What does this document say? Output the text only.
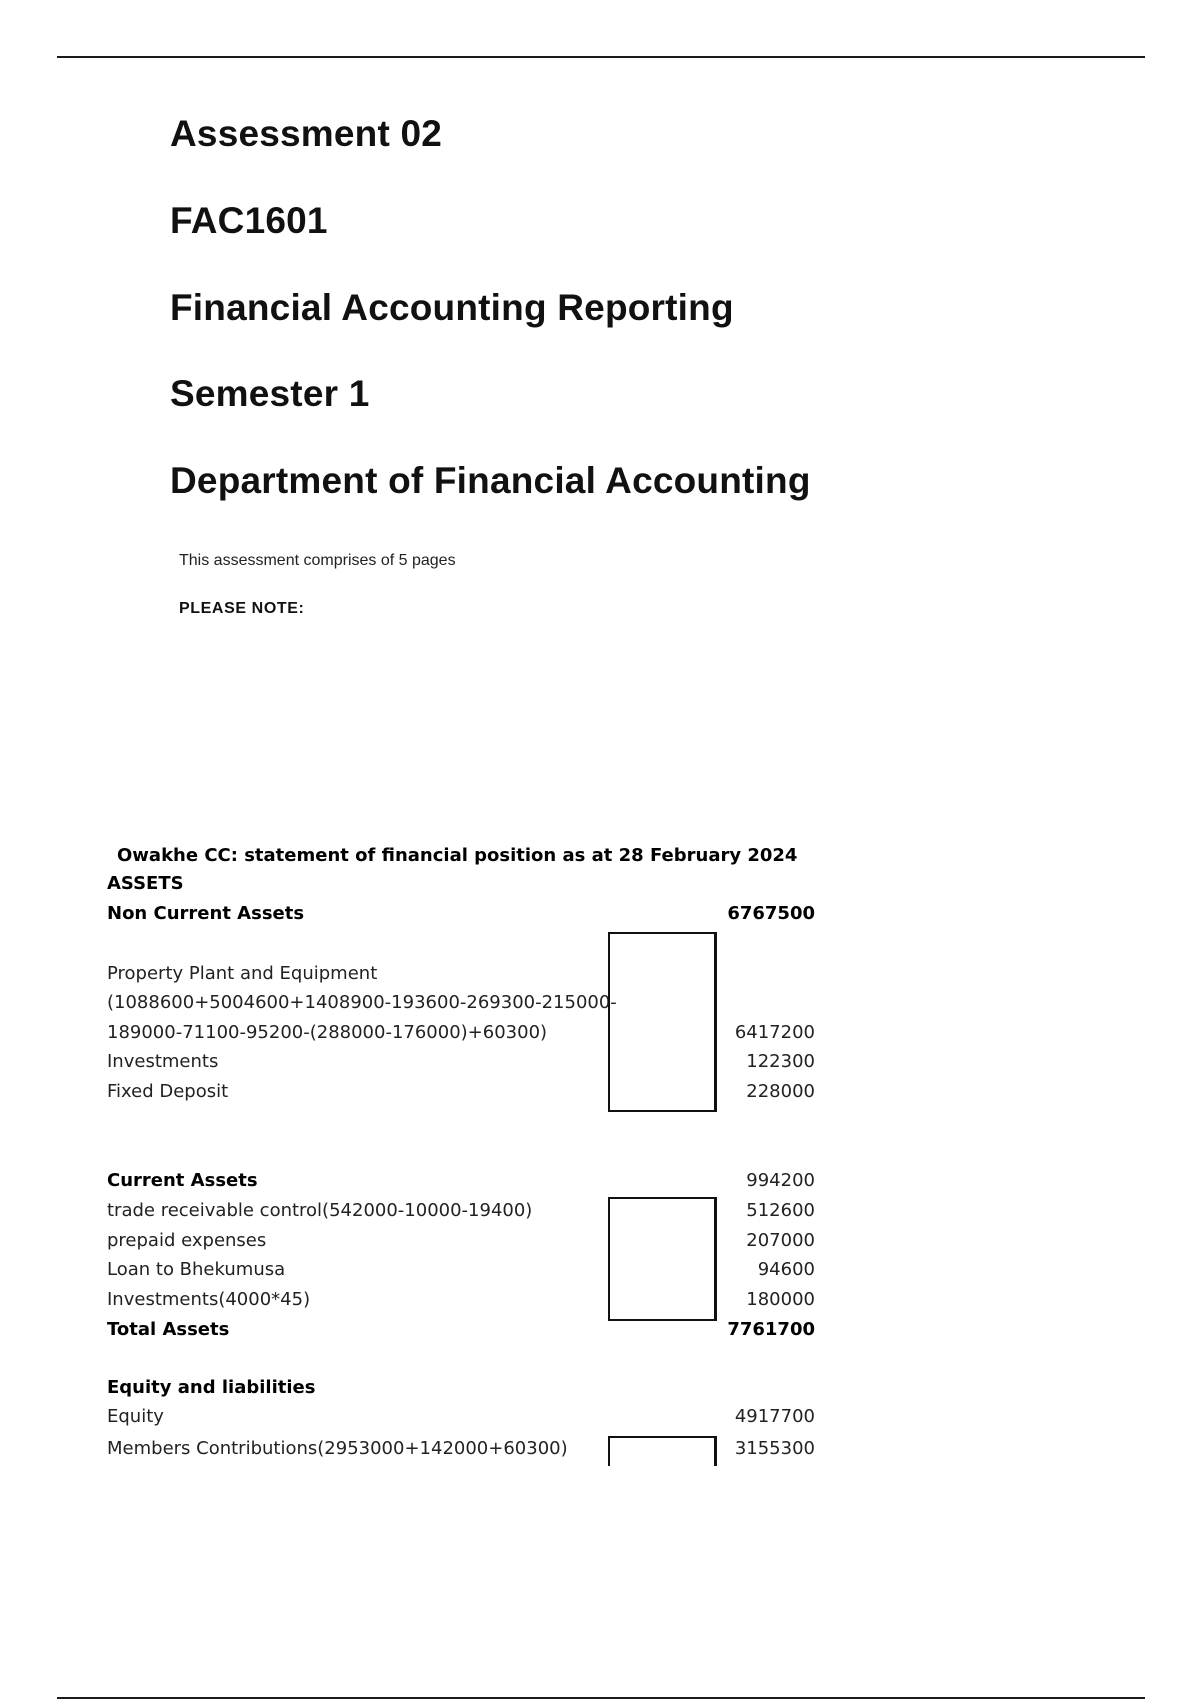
Assessment 02
FAC1601
Financial Accounting Reporting
Semester 1
Department of Financial Accounting
This assessment comprises of 5 pages
PLEASE NOTE:
Owakhe CC: statement of financial position as at 28 February 2024
ASSETS
Non Current Assets	6767500
Property Plant and Equipment
(1088600+5004600+1408900-193600-269300-215000-
189000-71100-95200-(288000-176000)+60300)	6417200
Investments	122300
Fixed Deposit	228000
Current Assets	994200
trade receivable control(542000-10000-19400)	512600
prepaid expenses	207000
Loan to Bhekumusa	94600
Investments(4000*45)	180000
Total Assets	7761700
Equity and liabilities
Equity	4917700
Members Contributions(2953000+142000+60300)	3155300
